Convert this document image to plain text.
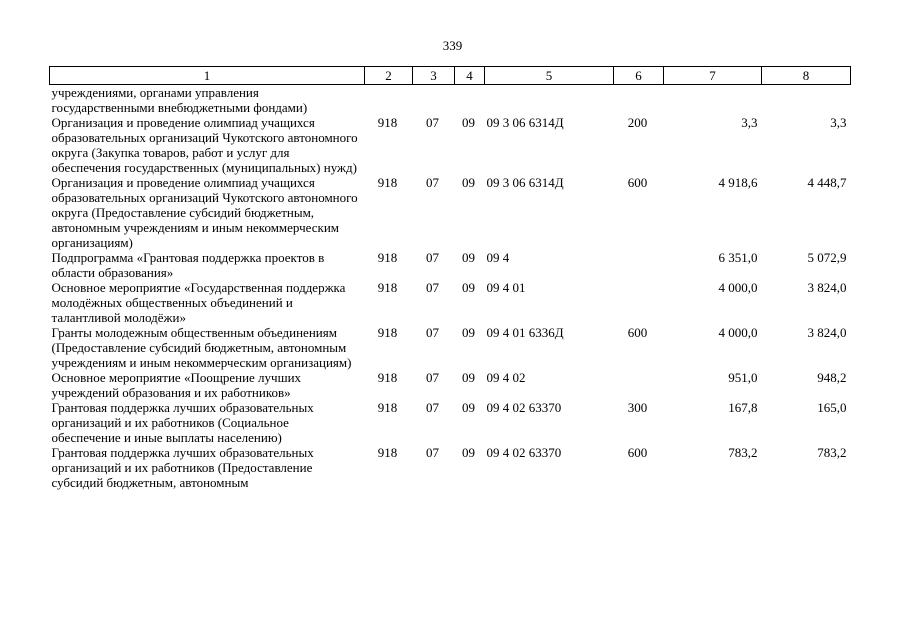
339
1	2	3	4	5	6	7	8
учреждениями, органами управления государственными внебюджетными фондами)							
Организация и проведение олимпиад учащихся образовательных организаций Чукотского автономного округа (Закупка товаров, работ и услуг для обеспечения государственных (муниципальных) нужд)	918	07	09	09 3 06 6314Д	200	3,3	3,3
Организация и проведение олимпиад учащихся образовательных организаций Чукотского автономного округа (Предоставление субсидий бюджетным, автономным учреждениям и иным некоммерческим организациям)	918	07	09	09 3 06 6314Д	600	4 918,6	4 448,7
Подпрограмма «Грантовая поддержка проектов в области образования»	918	07	09	09 4		6 351,0	5 072,9
Основное мероприятие «Государственная поддержка молодёжных общественных объединений и талантливой молодёжи»	918	07	09	09 4 01		4 000,0	3 824,0
Гранты молодежным общественным объединениям (Предоставление субсидий бюджетным, автономным учреждениям и иным некоммерческим организациям)	918	07	09	09 4 01 6336Д	600	4 000,0	3 824,0
Основное мероприятие «Поощрение лучших учреждений образования и их работников»	918	07	09	09 4 02		951,0	948,2
Грантовая поддержка лучших образовательных организаций и их работников (Социальное обеспечение и иные выплаты населению)	918	07	09	09 4 02 63370	300	167,8	165,0
Грантовая поддержка лучших образовательных организаций и их работников (Предоставление субсидий бюджетным, автономным	918	07	09	09 4 02 63370	600	783,2	783,2
